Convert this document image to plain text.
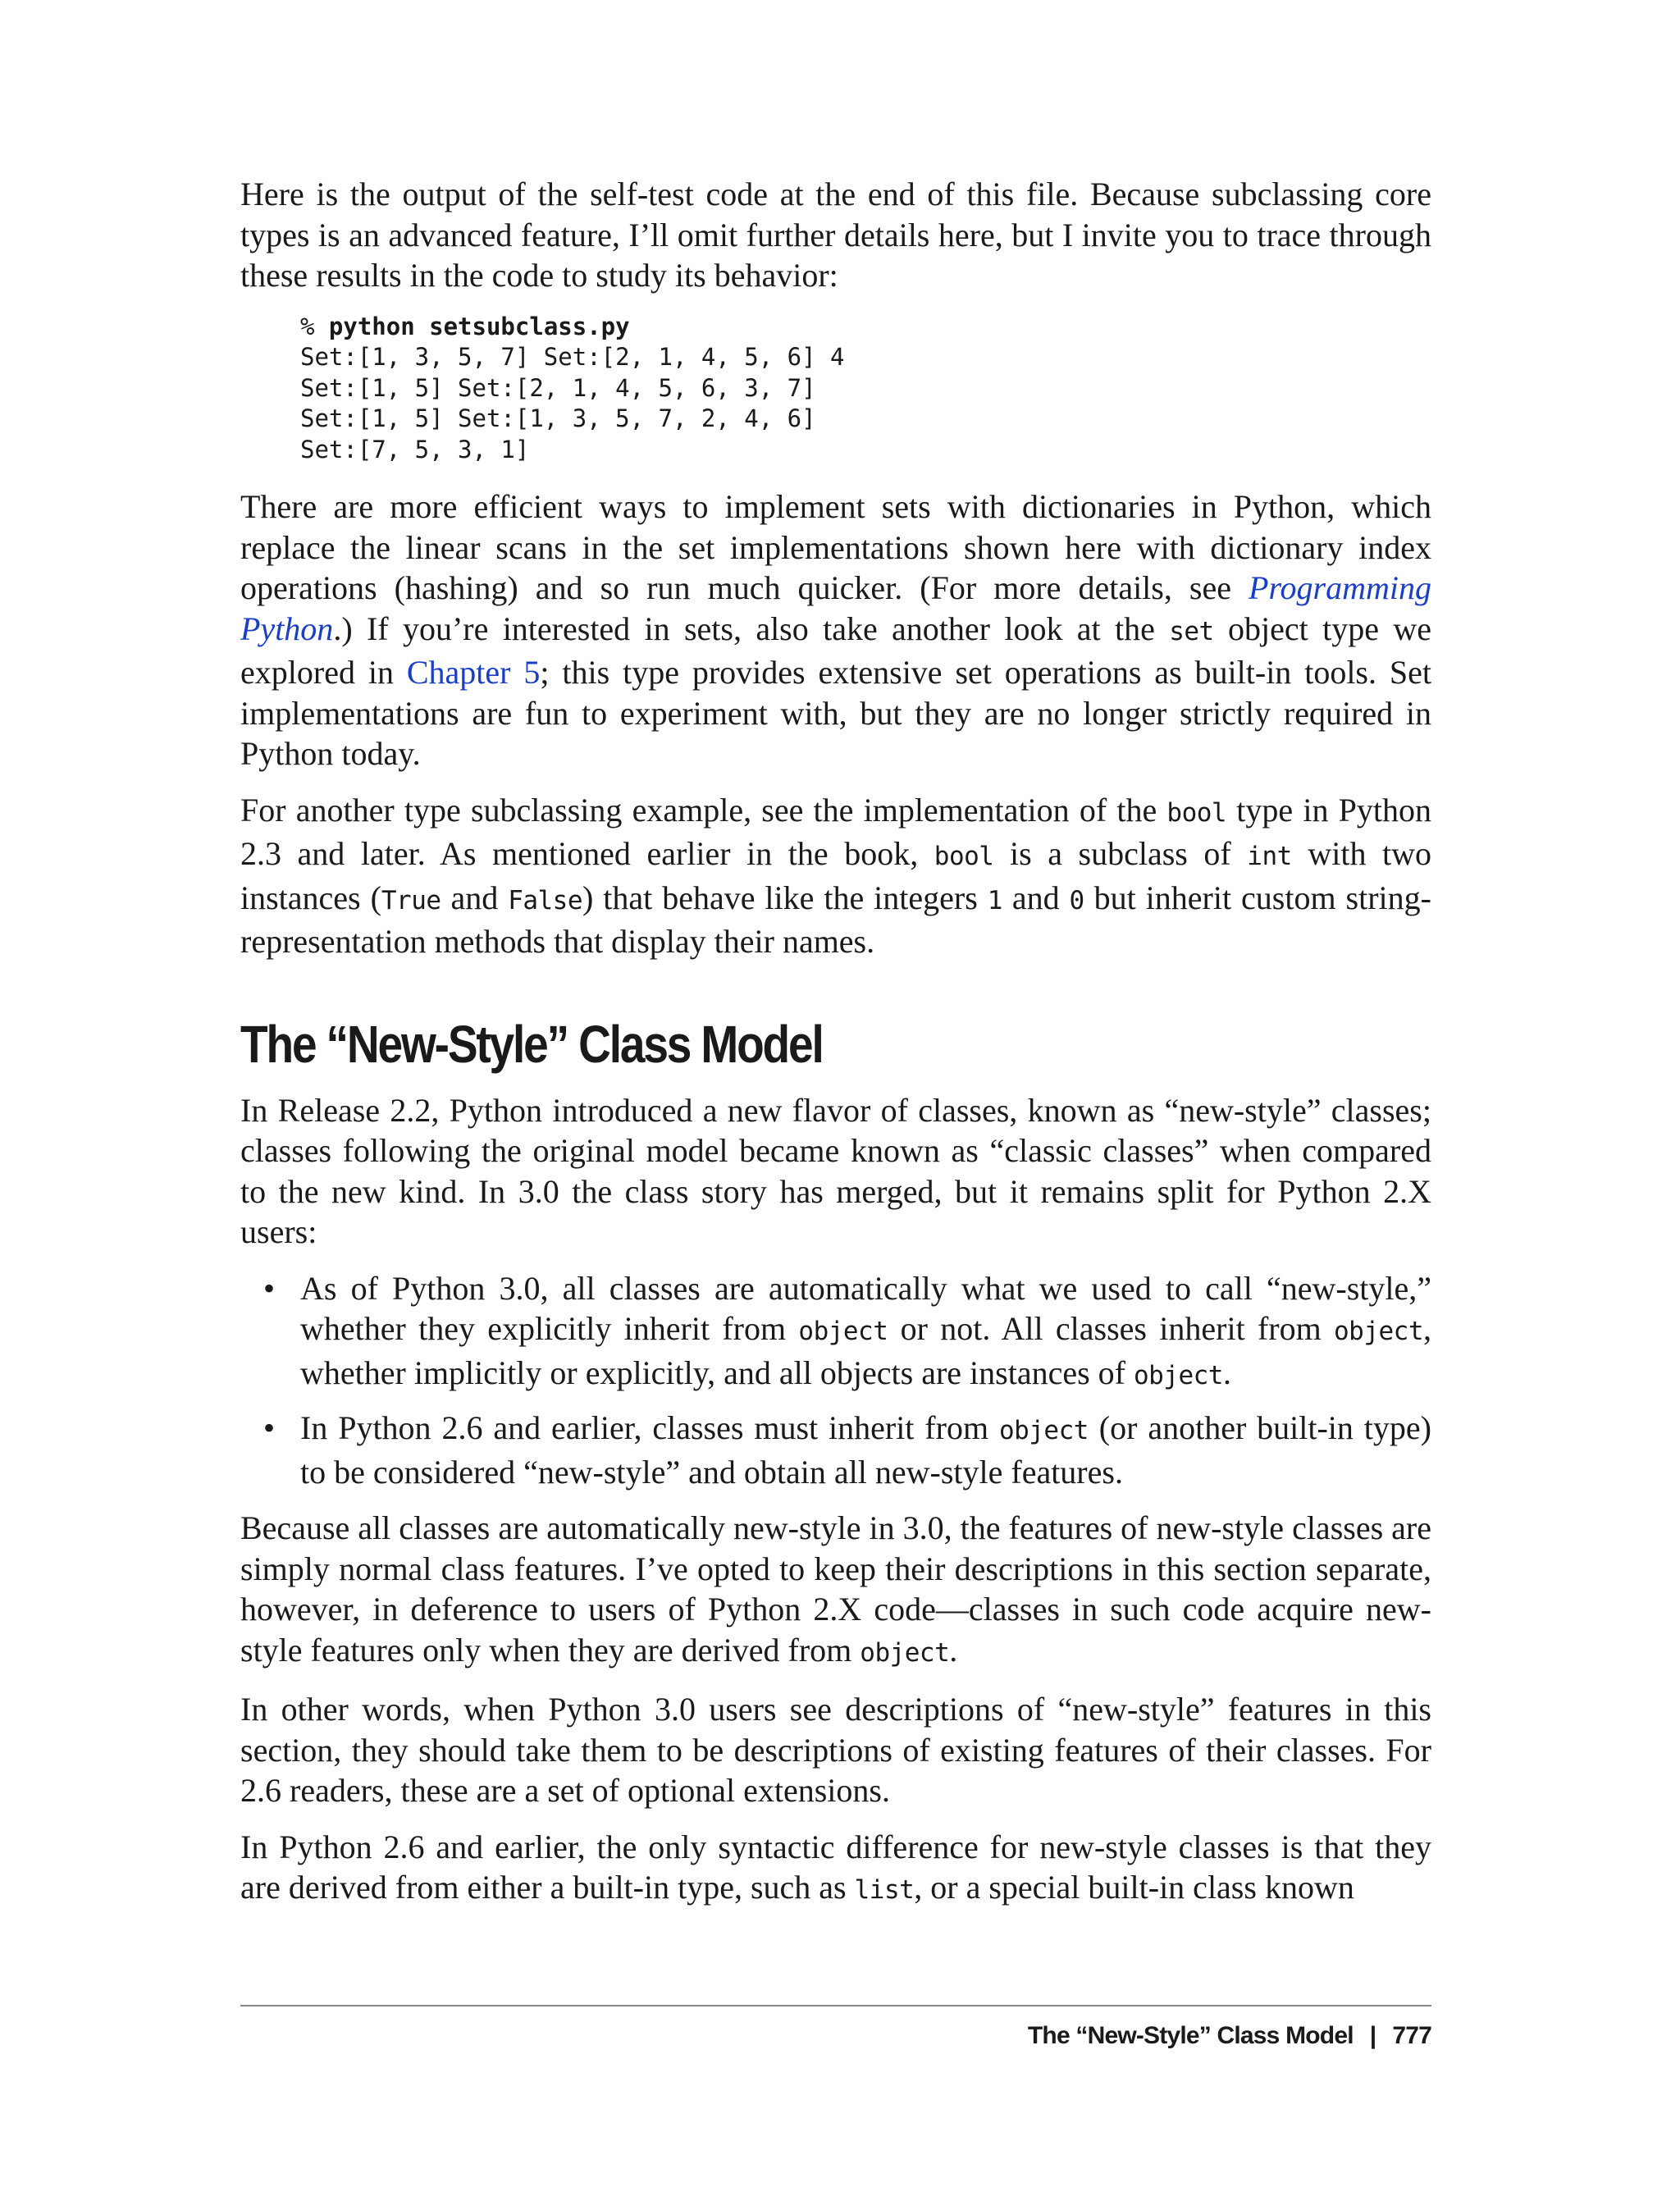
Here is the output of the self-test code at the end of this file. Because subclassing core types is an advanced feature, I’ll omit further details here, but I invite you to trace through these results in the code to study its behavior:

% python setsubclass.py
Set:[1, 3, 5, 7] Set:[2, 1, 4, 5, 6] 4
Set:[1, 5] Set:[2, 1, 4, 5, 6, 3, 7]
Set:[1, 5] Set:[1, 3, 5, 7, 2, 4, 6]
Set:[7, 5, 3, 1]

There are more efficient ways to implement sets with dictionaries in Python, which replace the linear scans in the set implementations shown here with dictionary index operations (hashing) and so run much quicker. (For more details, see Programming Python.) If you’re interested in sets, also take another look at the set object type we explored in Chapter 5; this type provides extensive set operations as built-in tools. Set implementations are fun to experiment with, but they are no longer strictly required in Python today.

For another type subclassing example, see the implementation of the bool type in Python 2.3 and later. As mentioned earlier in the book, bool is a subclass of int with two instances (True and False) that behave like the integers 1 and 0 but inherit custom string-representation methods that display their names.

The “New-Style” Class Model

In Release 2.2, Python introduced a new flavor of classes, known as “new-style” classes; classes following the original model became known as “classic classes” when compared to the new kind. In 3.0 the class story has merged, but it remains split for Python 2.X users:

• As of Python 3.0, all classes are automatically what we used to call “new-style,” whether they explicitly inherit from object or not. All classes inherit from object, whether implicitly or explicitly, and all objects are instances of object.
• In Python 2.6 and earlier, classes must inherit from object (or another built-in type) to be considered “new-style” and obtain all new-style features.

Because all classes are automatically new-style in 3.0, the features of new-style classes are simply normal class features. I’ve opted to keep their descriptions in this section separate, however, in deference to users of Python 2.X code—classes in such code acquire new-style features only when they are derived from object.

In other words, when Python 3.0 users see descriptions of “new-style” features in this section, they should take them to be descriptions of existing features of their classes. For 2.6 readers, these are a set of optional extensions.

In Python 2.6 and earlier, the only syntactic difference for new-style classes is that they are derived from either a built-in type, such as list, or a special built-in class known

The “New-Style” Class Model | 777
